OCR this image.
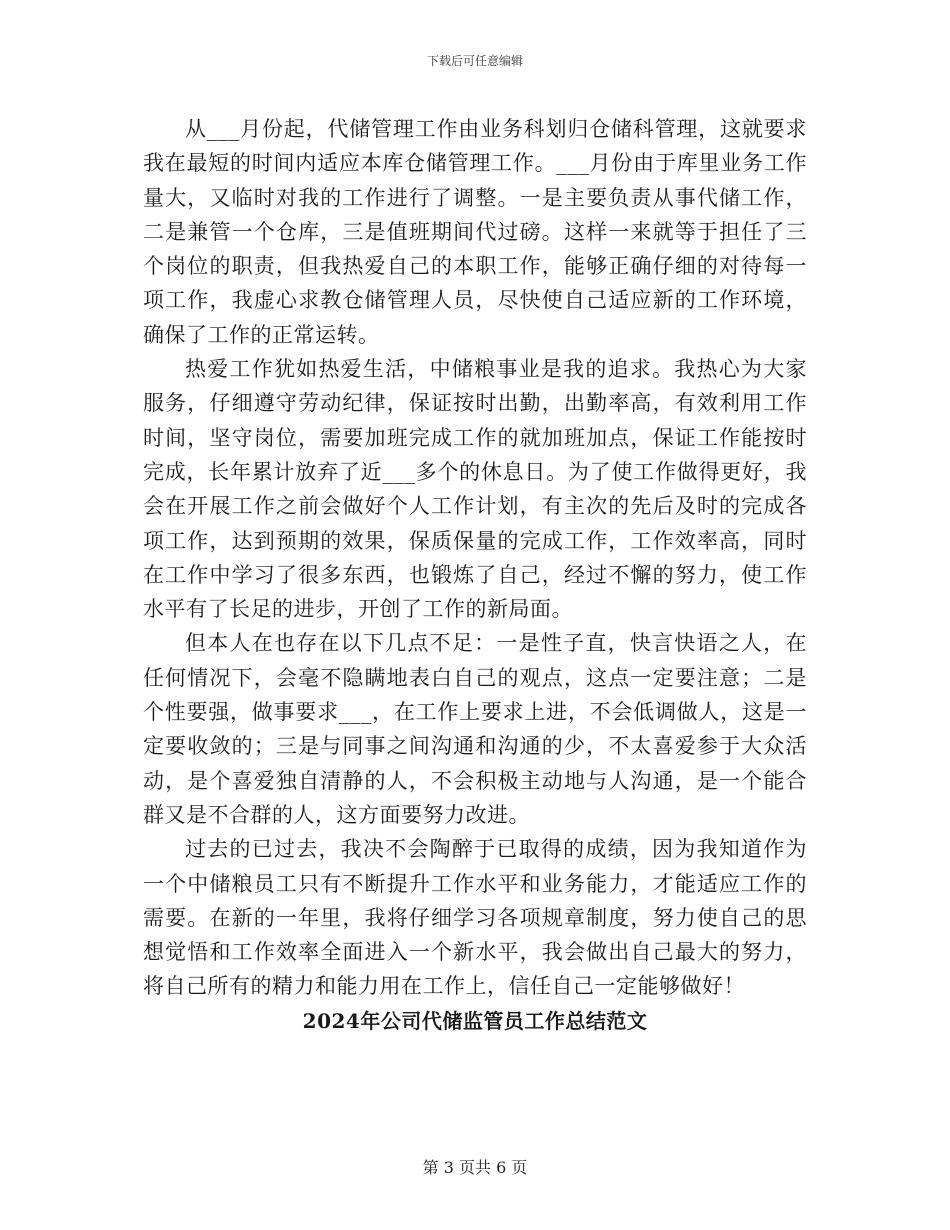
下载后可任意编辑

从___月份起，代储管理工作由业务科划归仓储科管理，这就要求我在最短的时间内适应本库仓储管理工作。___月份由于库里业务工作量大，又临时对我的工作进行了调整。一是主要负责从事代储工作，二是兼管一个仓库，三是值班期间代过磅。这样一来就等于担任了三个岗位的职责，但我热爱自己的本职工作，能够正确仔细的对待每一项工作，我虚心求教仓储管理人员，尽快使自己适应新的工作环境，确保了工作的正常运转。

热爱工作犹如热爱生活，中储粮事业是我的追求。我热心为大家服务，仔细遵守劳动纪律，保证按时出勤，出勤率高，有效利用工作时间，坚守岗位，需要加班完成工作的就加班加点，保证工作能按时完成，长年累计放弃了近___多个的休息日。为了使工作做得更好，我会在开展工作之前会做好个人工作计划，有主次的先后及时的完成各项工作，达到预期的效果，保质保量的完成工作，工作效率高，同时在工作中学习了很多东西，也锻炼了自己，经过不懈的努力，使工作水平有了长足的进步，开创了工作的新局面。

但本人在也存在以下几点不足：一是性子直，快言快语之人，在任何情况下，会毫不隐瞒地表白自己的观点，这点一定要注意；二是个性要强，做事要求___，在工作上要求上进，不会低调做人，这是一定要收敛的；三是与同事之间沟通和沟通的少，不太喜爱参于大众活动，是个喜爱独自清静的人，不会积极主动地与人沟通，是一个能合群又是不合群的人，这方面要努力改进。

过去的已过去，我决不会陶醉于已取得的成绩，因为我知道作为一个中储粮员工只有不断提升工作水平和业务能力，才能适应工作的需要。在新的一年里，我将仔细学习各项规章制度，努力使自己的思想觉悟和工作效率全面进入一个新水平，我会做出自己最大的努力，将自己所有的精力和能力用在工作上，信任自己一定能够做好！

2024年公司代储监管员工作总结范文
第 3 页共 6 页
